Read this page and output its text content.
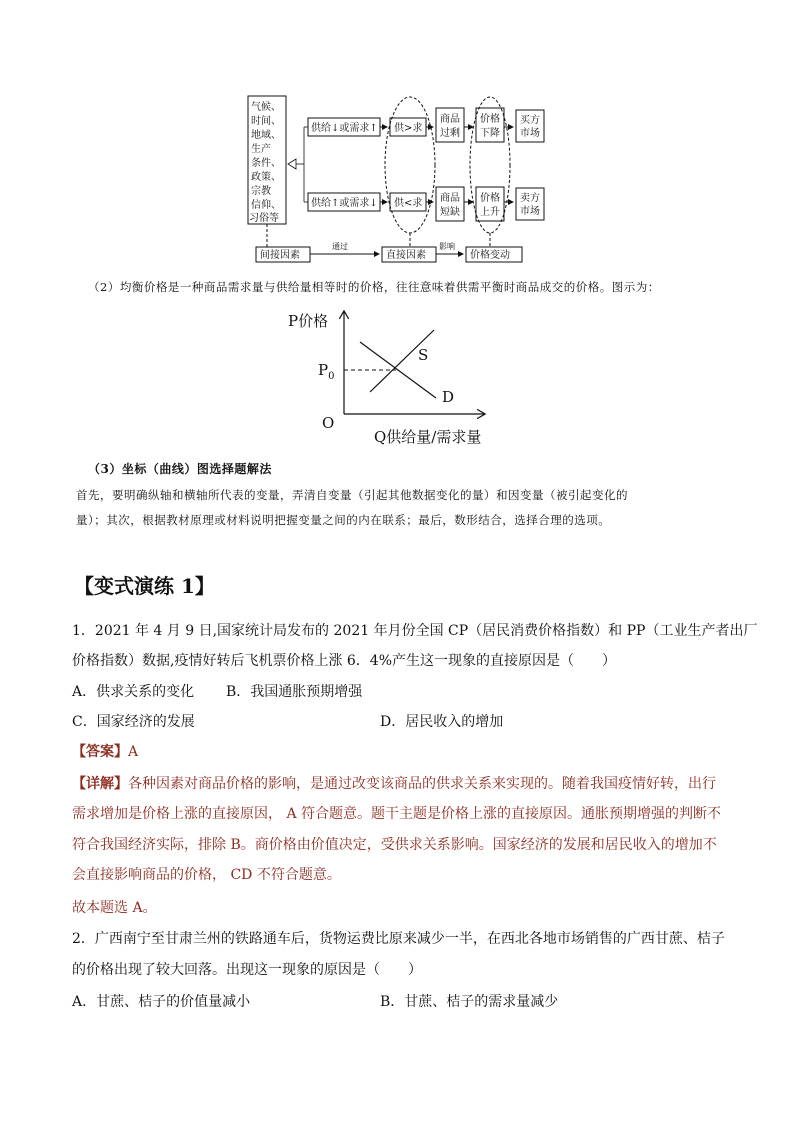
气候、
时间、
地域、
生产
条件、
政策、
宗教
信仰、
习俗等
供给↓或需求↑ 供>求
商品
过剩
价格
下降
买方
市场
供给↑或需求↓ 供<求 商品
短缺
价格
上升
卖方
市场
间接因素
通过
直接因素
影响
价格变动
（2）均衡价格是一种商品需求量与供给量相等时的价格，往往意味着供需平衡时商品成交的价格。图示为：
P价格
Q供给量/需求量
O
$P_0$
S
D
（3）坐标（曲线）图选择题解法
首先，要明确纵轴和横轴所代表的变量，弄清自变量（引起其他数据变化的量）和因变量（被引起变化的
量）；其次，根据教材原理或材料说明把握变量之间的内在联系；最后，数形结合，选择合理的选项。
【变式演练 1】
1．2021 年 4 月 9 日,国家统计局发布的 2021 年月份全国 CP（居民消费价格指数）和 PP（工业生产者出厂
价格指数）数据,疫情好转后飞机票价格上涨 6．4%产生这一现象的直接原因是（　　）
A．供求关系的变化 B．我国通胀预期增强
C．国家经济的发展	D．居民收入的增加
【答案】A
【详解】各种因素对商品价格的影响，是通过改变该商品的供求关系来实现的。随着我国疫情好转，出行
需求增加是价格上涨的直接原因， A 符合题意。题干主题是价格上涨的直接原因。通胀预期增强的判断不
符合我国经济实际，排除 B。商价格由价值决定，受供求关系影响。国家经济的发展和居民收入的增加不
会直接影响商品的价格， CD 不符合题意。
故本题选 A。
2．广西南宁至甘肃兰州的铁路通车后，货物运费比原来减少一半，在西北各地市场销售的广西甘蔗、桔子
的价格出现了较大回落。出现这一现象的原因是（　　）
A．甘蔗、桔子的价值量减小	B．甘蔗、桔子的需求量减少
